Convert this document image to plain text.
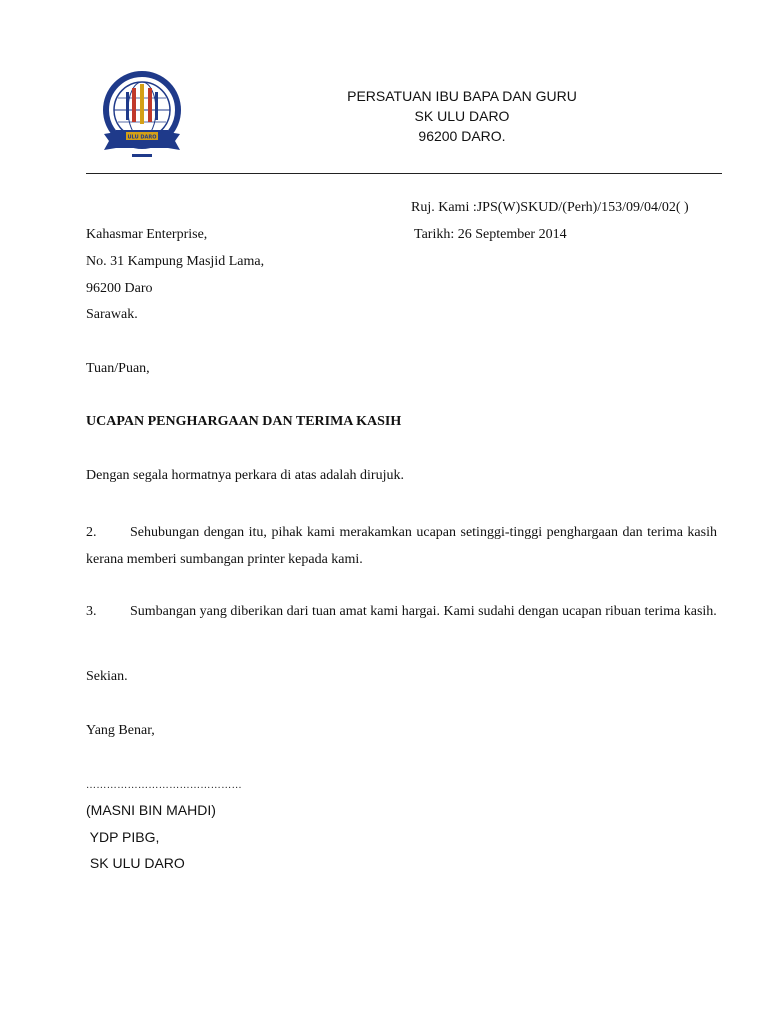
ULU DARO
PERSATUAN IBU BAPA DAN GURU
SK ULU DARO
96200 DARO.
Ruj. Kami :JPS(W)SKUD/(Perh)/153/09/04/02( )
Tarikh: 26 September 2014
Kahasmar Enterprise,
No. 31 Kampung Masjid Lama,
96200 Daro
Sarawak.
Tuan/Puan,
UCAPAN PENGHARGAAN DAN TERIMA KASIH
Dengan segala hormatnya perkara di atas adalah dirujuk.
2. Sehubungan dengan itu, pihak kami merakamkan ucapan setinggi-tinggi penghargaan dan terima kasih kerana memberi sumbangan printer kepada kami.
3. Sumbangan yang diberikan dari tuan amat kami hargai. Kami sudahi dengan ucapan ribuan terima kasih.
Sekian.
Yang Benar,
………………………………………
(MASNI BIN MAHDI)
YDP PIBG,
SK ULU DARO
